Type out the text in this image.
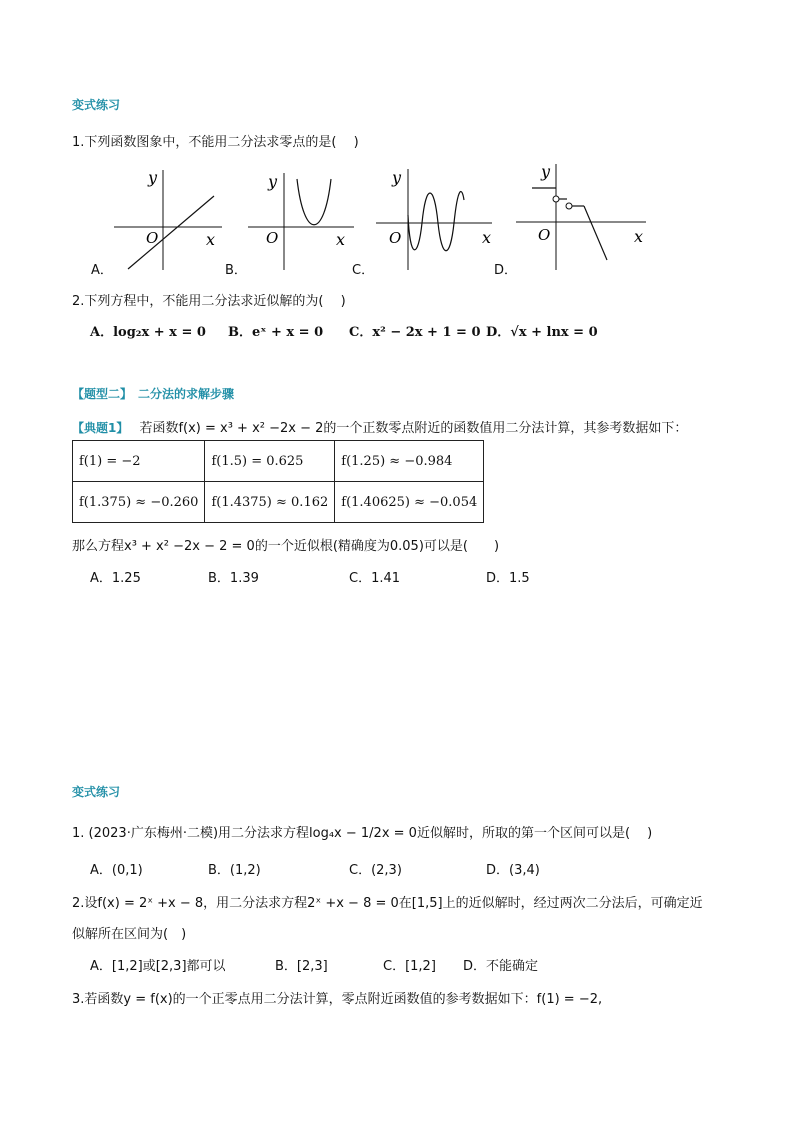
变式练习
1.下列函数图象中，不能用二分法求零点的是(　 )
x
y
O
A．
x
y
O
B．
x
y
O
C．
x
y
O
D．
2.下列方程中，不能用二分法求近似解的为(　 )
A．log₂x + x = 0 B．eˣ + x = 0 C．x² − 2x + 1 = 0 D．√x + lnx = 0
【题型二】　二分法的求解步骤
【典题1】 若函数f(x) = x³ + x² −2x − 2的一个正数零点附近的函数值用二分法计算，其参考数据如下：
f(1) = −2	f(1.5) = 0.625	f(1.25) ≈ −0.984
f(1.375) ≈ −0.260	f(1.4375) ≈ 0.162	f(1.40625) ≈ −0.054
那么方程x³ + x² −2x − 2 = 0的一个近似根(精确度为0.05)可以是(　　)
A．1.25	B．1.39	C．1.41	D．1.5
变式练习
1. (2023·广东梅州·二模)用二分法求方程log₄x − 1/2x = 0近似解时，所取的第一个区间可以是(　 )
A．(0,1)	B．(1,2)	C．(2,3)	D．(3,4)
2.设f(x) = 2ˣ +x − 8，用二分法求方程2ˣ +x − 8 = 0在[1,5]上的近似解时，经过两次二分法后，可确定近
似解所在区间为(　)
A．[1,2]或[2,3]都可以	B．[2,3]	C．[1,2] D．不能确定
3.若函数y = f(x)的一个正零点用二分法计算，零点附近函数值的参考数据如下：f(1) = −2,
